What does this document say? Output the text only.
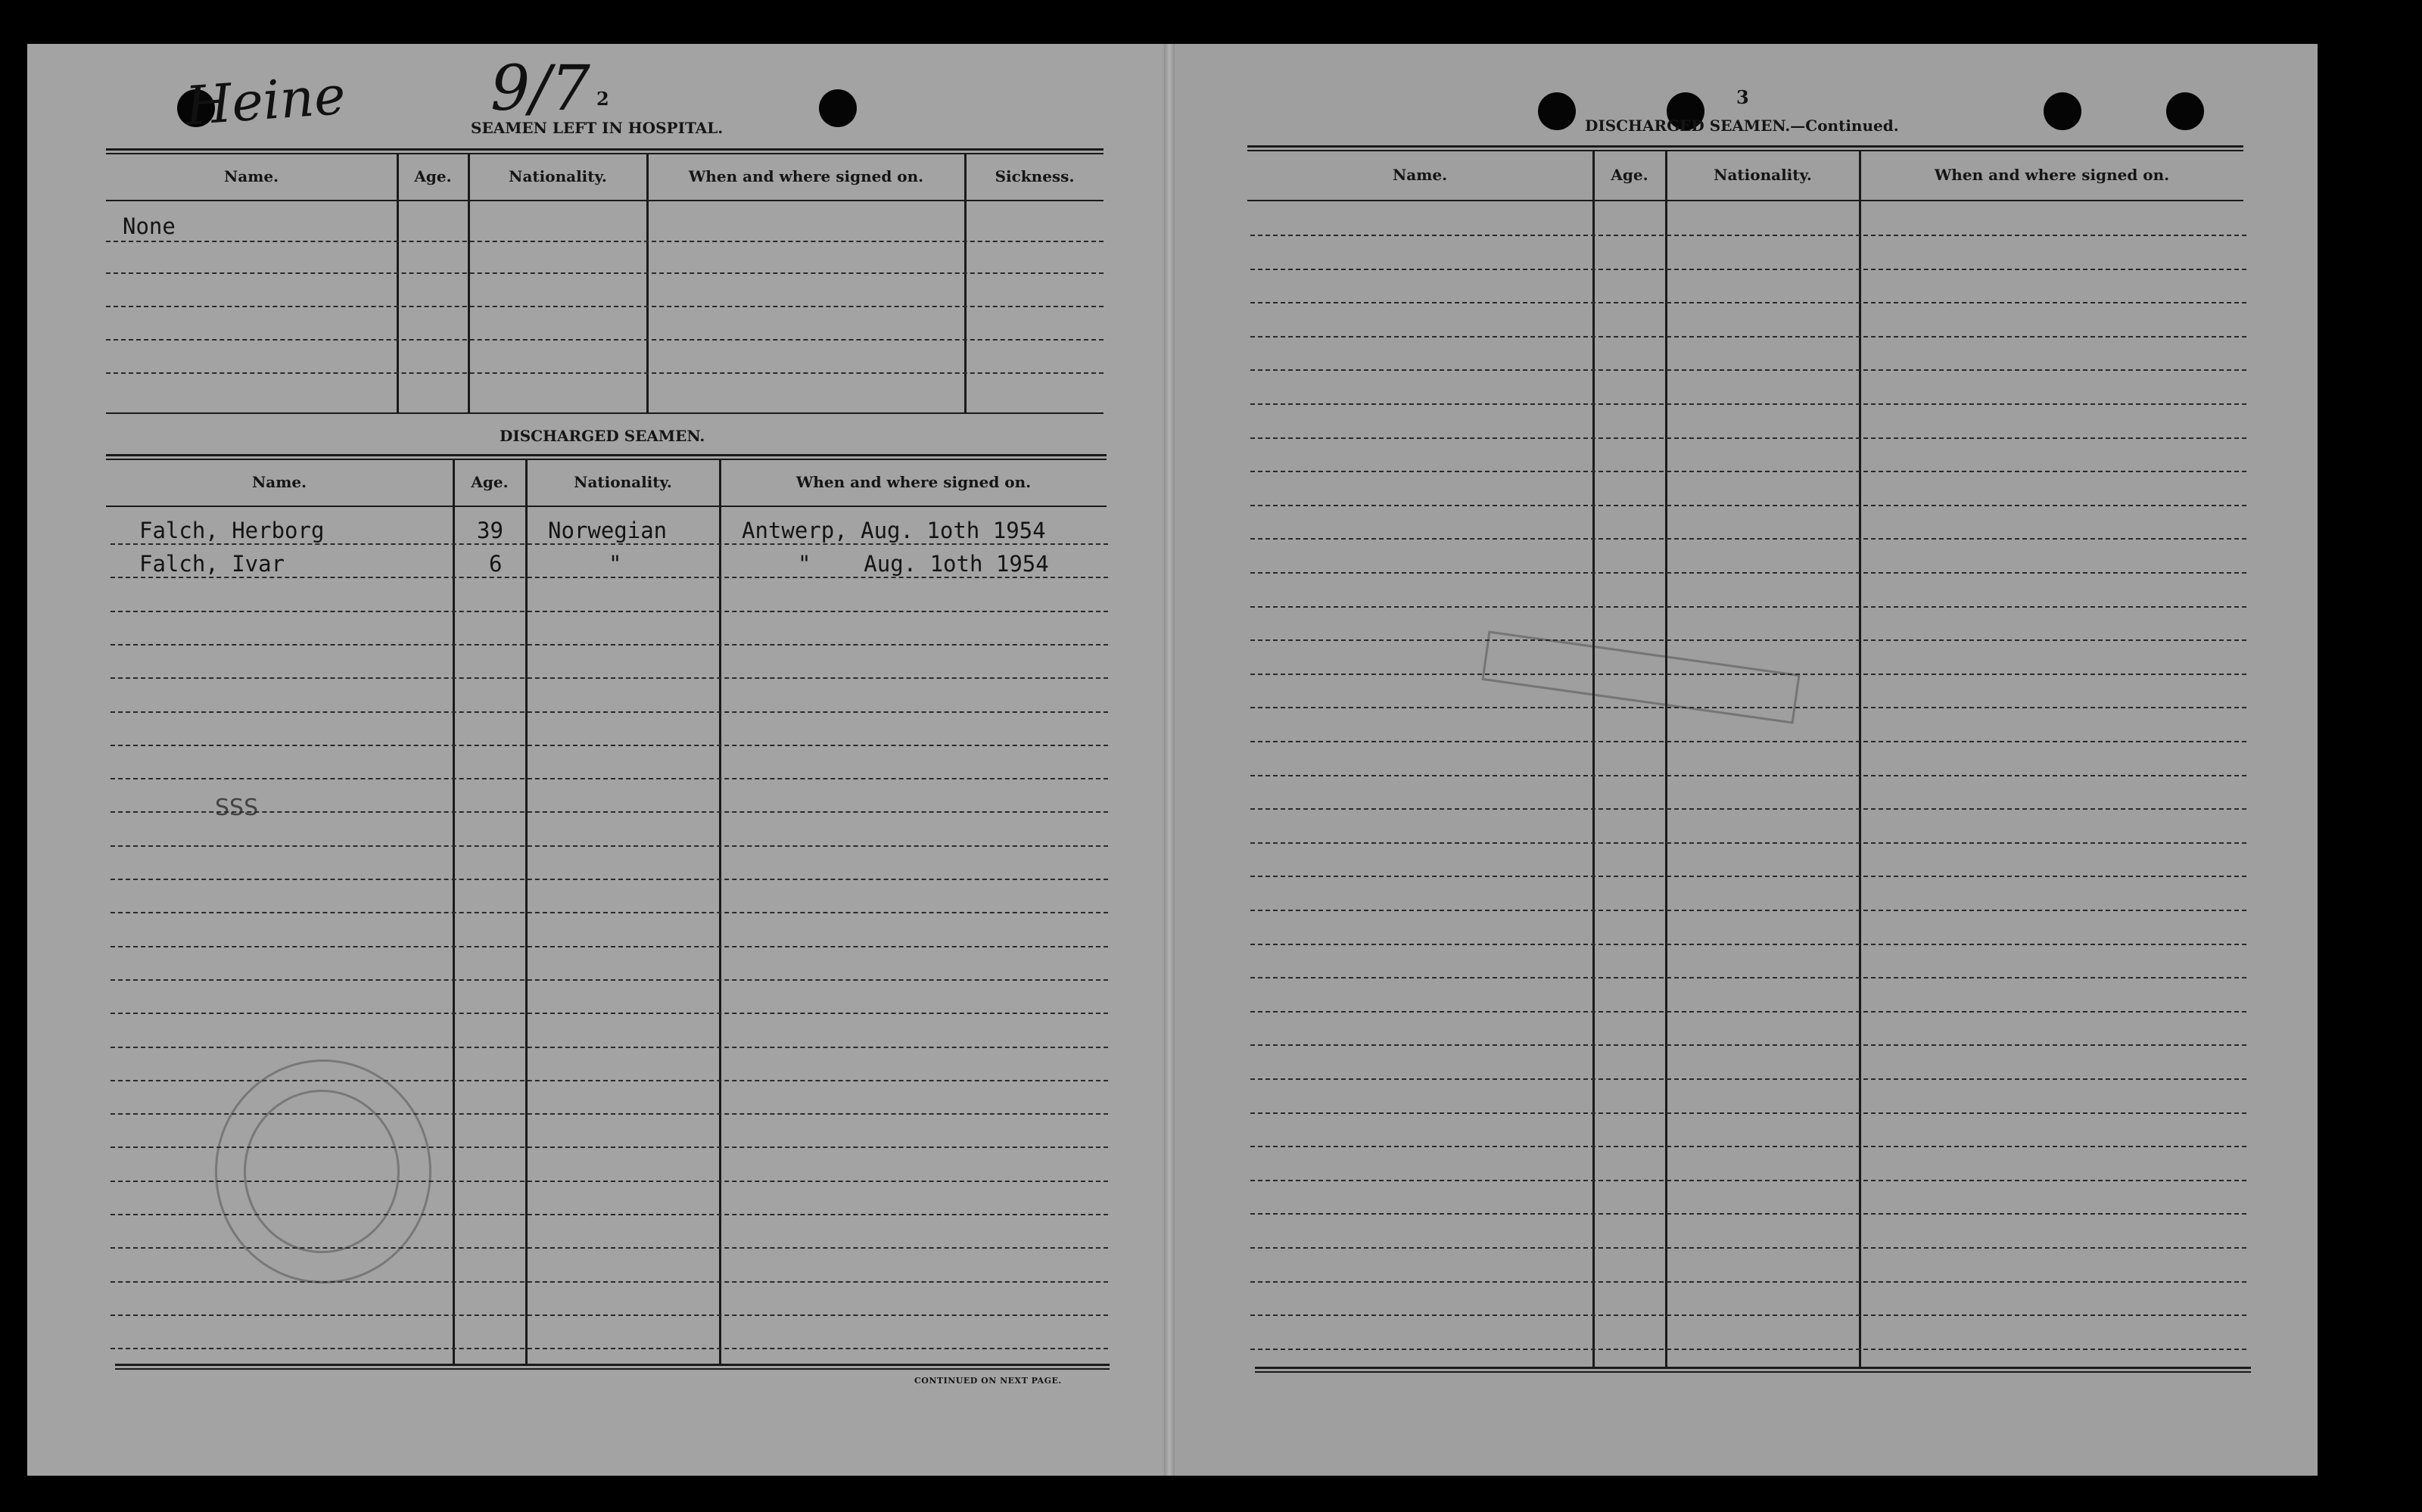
Heine 9/7 2
SEAMEN LEFT IN HOSPITAL.
Name.	Age.	Nationality.	When and where signed on.	Sickness.
None
DISCHARGED SEAMEN.
Name.	Age.	Nationality.	When and where signed on.
Falch, Herborg	39 Norwegian	Antwerp, Aug. 1oth 1954
Falch, Ivar	6	"	"    Aug. 1oth 1954
SSS
CONTINUED ON NEXT PAGE.
3
DISCHARGED SEAMEN.—Continued.
Name.	Age.	Nationality.	When and where signed on.
